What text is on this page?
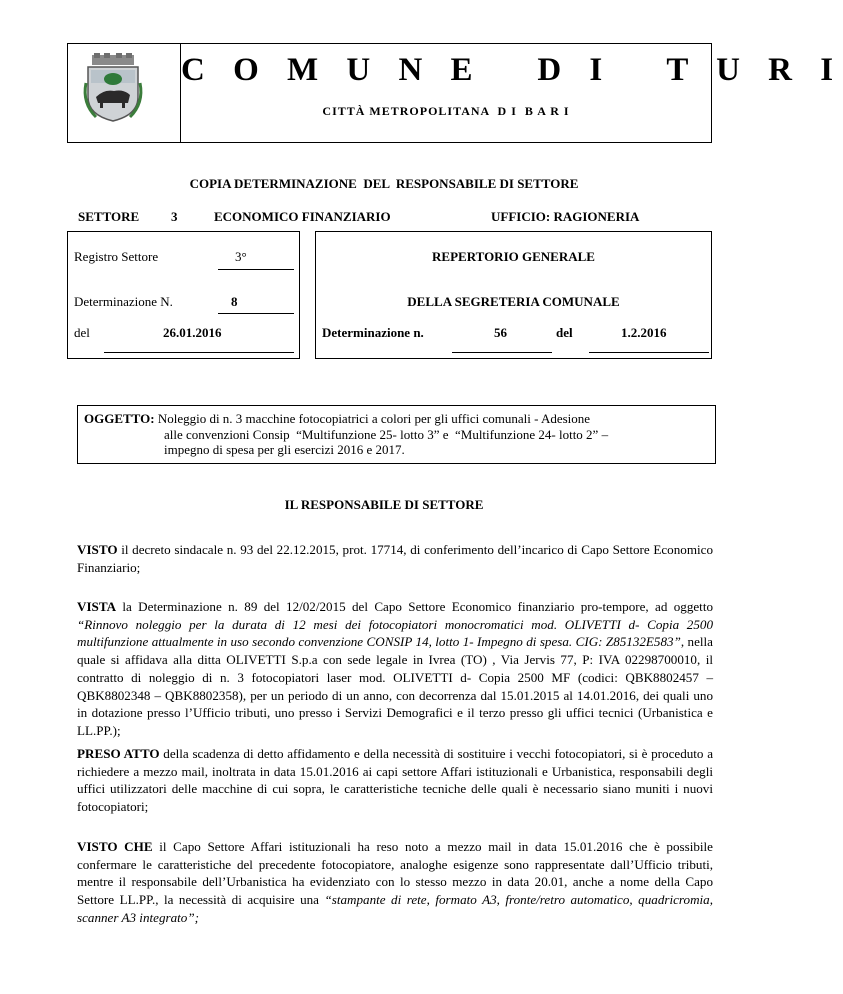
C O M U N E   D I   T U R I
CITTÀ METROPOLITANA  D I  B A R I
COPIA DETERMINAZIONE  DEL  RESPONSABILE DI SETTORE
SETTORE 3	ECONOMICO FINANZIARIO	UFFICIO: RAGIONERIA
Registro Settore	3°
Determinazione N.	8
del	26.01.2016
REPERTORIO GENERALE
DELLA SEGRETERIA COMUNALE
Determinazione n.	56	del	1.2.2016
OGGETTO: Noleggio di n. 3 macchine fotocopiatrici a colori per gli uffici comunali - Adesione
alle convenzioni Consip  “Multifunzione 25- lotto 3” e  “Multifunzione 24- lotto 2” –
impegno di spesa per gli esercizi 2016 e 2017.
IL RESPONSABILE DI SETTORE
VISTO il decreto sindacale n. 93 del 22.12.2015, prot. 17714, di conferimento dell’incarico di Capo Settore Economico Finanziario;
VISTA la Determinazione n. 89 del 12/02/2015 del Capo Settore Economico finanziario pro-tempore, ad oggetto “Rinnovo noleggio per la durata di 12 mesi dei fotocopiatori monocromatici mod. OLIVETTI d- Copia 2500 multifunzione attualmente in uso secondo convenzione CONSIP 14, lotto 1- Impegno di spesa. CIG: Z85132E583”, nella quale si affidava alla ditta OLIVETTI S.p.a con sede legale in Ivrea (TO) , Via Jervis 77, P: IVA 02298700010, il contratto di noleggio di n. 3 fotocopiatori laser mod. OLIVETTI d- Copia 2500 MF (codici: QBK8802457 – QBK8802348 – QBK8802358), per un periodo di un anno, con decorrenza dal 15.01.2015 al 14.01.2016, dei quali uno in dotazione presso l’Ufficio tributi, uno presso i Servizi Demografici e il terzo presso gli uffici tecnici (Urbanistica e LL.PP.);
PRESO ATTO della scadenza di detto affidamento e della necessità di sostituire i vecchi fotocopiatori, si è proceduto a richiedere a mezzo mail, inoltrata in data 15.01.2016 ai capi settore Affari istituzionali e Urbanistica, responsabili degli uffici utilizzatori delle macchine di cui sopra, le caratteristiche tecniche delle quali è necessario siano muniti i nuovi fotocopiatori;
VISTO CHE il Capo Settore Affari istituzionali ha reso noto a mezzo mail in data 15.01.2016 che è possibile confermare le caratteristiche del precedente fotocopiatore, analoghe esigenze sono rappresentate dall’Ufficio tributi, mentre il responsabile dell’Urbanistica ha evidenziato con lo stesso mezzo in data 20.01, anche a nome della Capo Settore LL.PP., la necessità di acquisire una “stampante di rete, formato A3, fronte/retro automatico, quadricromia, scanner A3 integrato”;
